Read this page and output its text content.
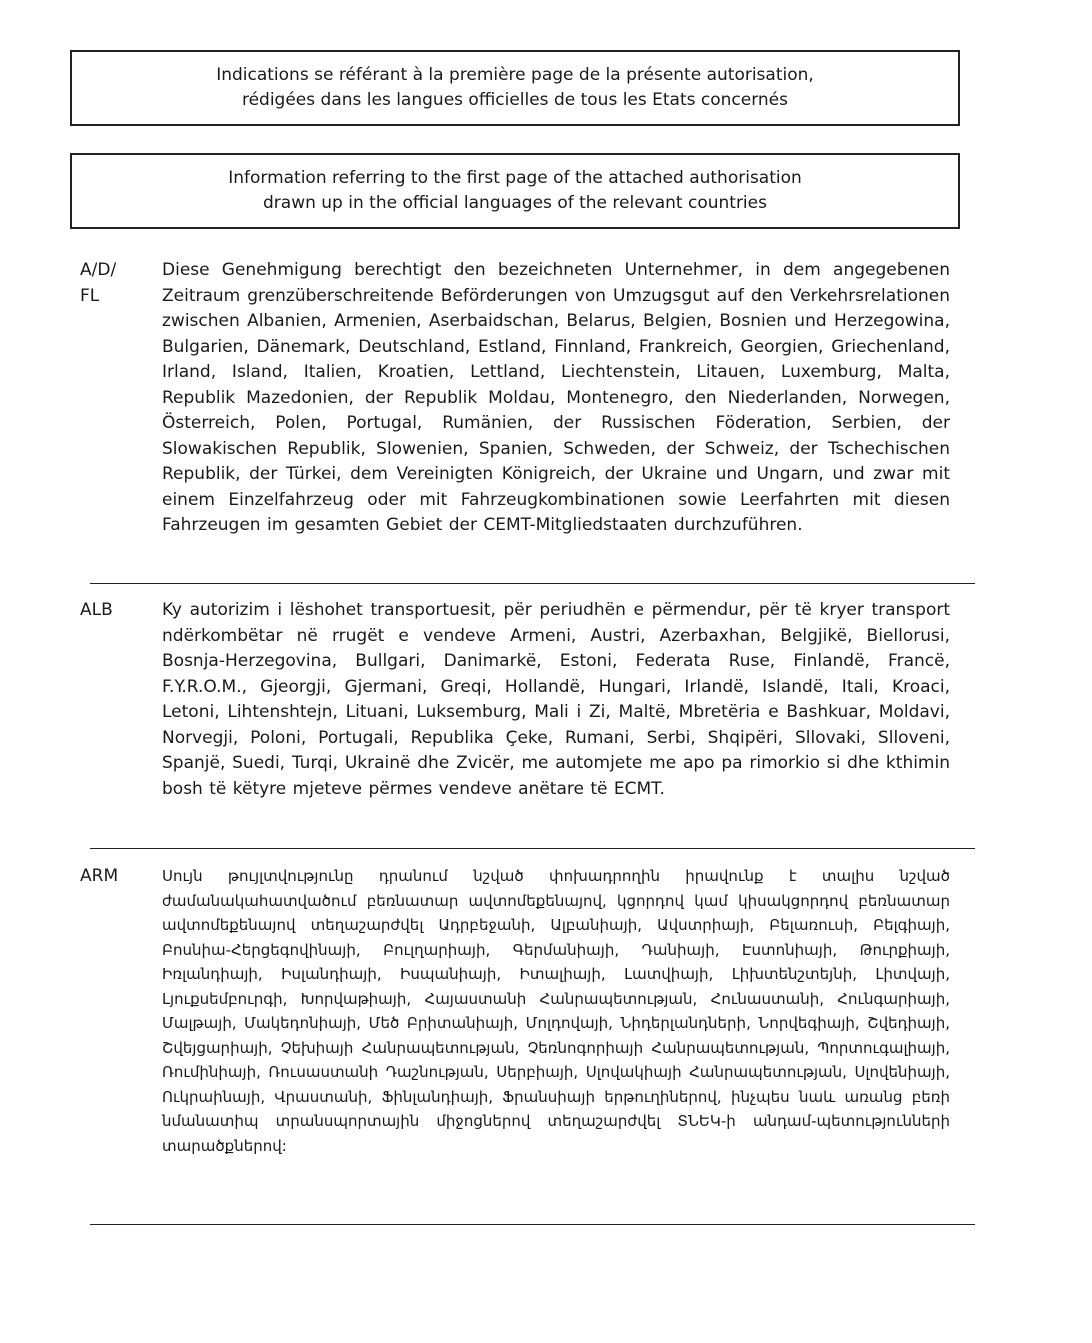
Indications se référant à la première page de la présente autorisation,
rédigées dans les langues officielles de tous les Etats concernés
Information referring to the first page of the attached authorisation
drawn up in the official languages of the relevant countries
A/D/
FL
Diese Genehmigung berechtigt den bezeichneten Unternehmer, in dem angegebenen Zeitraum grenzüberschreitende Beförderungen von Umzugsgut auf den Verkehrsrelationen zwischen Albanien, Armenien, Aserbaidschan, Belarus, Belgien, Bosnien und Herzegowina, Bulgarien, Dänemark, Deutschland, Estland, Finnland, Frankreich, Georgien, Griechenland, Irland, Island, Italien, Kroatien, Lettland, Liechtenstein, Litauen, Luxemburg, Malta, Republik Mazedonien, der Republik Moldau, Montenegro, den Niederlanden, Norwegen, Österreich, Polen, Portugal, Rumänien, der Russischen Föderation, Serbien, der Slowakischen Republik, Slowenien, Spanien, Schweden, der Schweiz, der Tschechischen Republik, der Türkei, dem Vereinigten Königreich, der Ukraine und Ungarn, und zwar mit einem Einzelfahrzeug oder mit Fahrzeugkombinationen sowie Leerfahrten mit diesen Fahrzeugen im gesamten Gebiet der CEMT-Mitgliedstaaten durchzuführen.
ALB	Ky autorizim i lëshohet transportuesit, për periudhën e përmendur, për të kryer transport ndërkombëtar në rrugët e vendeve Armeni, Austri, Azerbaxhan, Belgjikë, Biellorusi, Bosnja-Herzegovina, Bullgari, Danimarkë, Estoni, Federata Ruse, Finlandë, Francë, F.Y.R.O.M., Gjeorgji, Gjermani, Greqi, Hollandë, Hungari, Irlandë, Islandë, Itali, Kroaci, Letoni, Lihtenshtejn, Lituani, Luksemburg, Mali i Zi, Maltë, Mbretëria e Bashkuar, Moldavi, Norvegji, Poloni, Portugali, Republika Çeke, Rumani, Serbi, Shqipëri, Sllovaki, Slloveni, Spanjë, Suedi, Turqi, Ukrainë dhe Zvicër, me automjete me apo pa rimorkio si dhe kthimin bosh të këtyre mjeteve përmes vendeve anëtare të ECMT.
ARM	Սույն թույլտվությունը դրանում նշված փոխադրողին իրավունք է տալիս նշված ժամանակահատվածում բեռնատար ավտոմեքենայով, կցորդով կամ կիսակցորդով բեռնատար ավտոմեքենայով տեղաշարժվել Ադրբեջանի, Ալբանիայի, Ավստրիայի, Բելառուսի, Բելգիայի, Բոսնիա-Հերցեգովինայի, Բուլղարիայի, Գերմանիայի, Դանիայի, Էստոնիայի, Թուրքիայի, Իռլանդիայի, Իսլանդիայի, Իսպանիայի, Իտալիայի, Լատվիայի, Լիխտենշտեյնի, Լիտվայի, Լյուքսեմբուրգի, Խորվաթիայի, Հայաստանի Հանրապետության, Հունաստանի, Հունգարիայի, Մալթայի, Մակեդոնիայի, Մեծ Բրիտանիայի, Մոլդովայի, Նիդերլանդների, Նորվեգիայի, Շվեդիայի, Շվեյցարիայի, Չեխիայի Հանրապետության, Չեռնոգորիայի Հանրապետության, Պորտուգալիայի, Ռումինիայի, Ռուսաստանի Դաշնության, Սերբիայի, Սլովակիայի Հանրապետության, Սլովենիայի, Ուկրաինայի, Վրաստանի, Ֆինլանդիայի, Ֆրանսիայի երթուղիներով, ինչպես նաև առանց բեռի նմանատիպ տրանսպորտային միջոցներով տեղաշարժվել ՏՆԵԿ-ի անդամ-պետությունների տարածքներով:
